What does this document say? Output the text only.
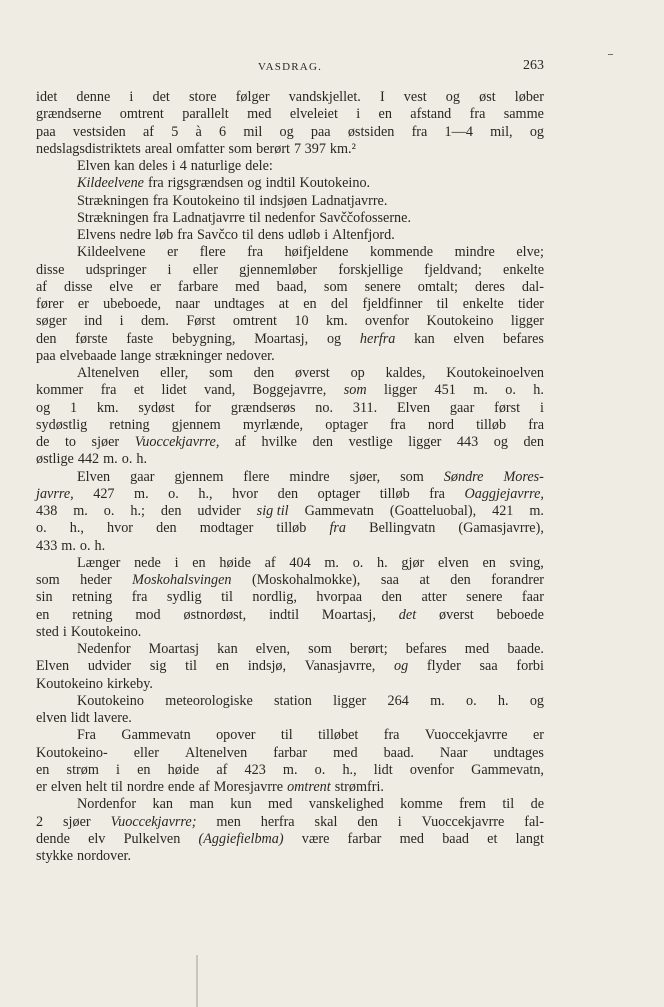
VASDRAG.	263
idet denne i det store følger vandskjellet. I vest og øst løber
grændserne omtrent parallelt med elveleiet i en afstand fra samme
paa vestsiden af 5 à 6 mil og paa østsiden fra 1—4 mil, og
nedslagsdistriktets areal omfatter som berørt 7 397 km.²
Elven kan deles i 4 naturlige dele:
Kildeelvene fra rigsgrændsen og indtil Koutokeino.
Strækningen fra Koutokeino til indsjøen Ladnatjavrre.
Strækningen fra Ladnatjavrre til nedenfor Savččofosserne.
Elvens nedre løb fra Savčco til dens udløb i Altenfjord.
Kildeelvene er flere fra høifjeldene kommende mindre elve;
disse udspringer i eller gjennemløber forskjellige fjeldvand; enkelte
af disse elve er farbare med baad, som senere omtalt; deres dal-
fører er ubeboede, naar undtages at en del fjeldfinner til enkelte tider
søger ind i dem. Først omtrent 10 km. ovenfor Koutokeino ligger
den første faste bebygning, Moartasj, og herfra kan elven befares
paa elvebaade lange strækninger nedover.
Altenelven eller, som den øverst op kaldes, Koutokeinoelven
kommer fra et lidet vand, Boggejavrre, som ligger 451 m. o. h.
og 1 km. sydøst for grændserøs no. 311. Elven gaar først i
sydøstlig retning gjennem myrlænde, optager fra nord tilløb fra
de to sjøer Vuoccekjavrre, af hvilke den vestlige ligger 443 og den
østlige 442 m. o. h.
Elven gaar gjennem flere mindre sjøer, som Søndre Mores-
javrre, 427 m. o. h., hvor den optager tilløb fra Oaggjejavrre,
438 m. o. h.; den udvider sig til Gammevatn (Goatteluobal), 421 m.
o. h., hvor den modtager tilløb fra Bellingvatn (Gamasjavrre),
433 m. o. h.
Længer nede i en høide af 404 m. o. h. gjør elven en sving,
som heder Moskohalsvingen (Moskohalmokke), saa at den forandrer
sin retning fra sydlig til nordlig, hvorpaa den atter senere faar
en retning mod østnordøst, indtil Moartasj, det øverst beboede
sted i Koutokeino.
Nedenfor Moartasj kan elven, som berørt; befares med baade.
Elven udvider sig til en indsjø, Vanasjavrre, og flyder saa forbi
Koutokeino kirkeby.
Koutokeino meteorologiske station ligger 264 m. o. h. og
elven lidt lavere.
Fra Gammevatn opover til tilløbet fra Vuoccekjavrre er
Koutokeino- eller Altenelven farbar med baad. Naar undtages
en strøm i en høide af 423 m. o. h., lidt ovenfor Gammevatn,
er elven helt til nordre ende af Moresjavrre omtrent strømfri.
Nordenfor kan man kun med vanskelighed komme frem til de
2 sjøer Vuoccekjavrre; men herfra skal den i Vuoccekjavrre fal-
dende elv Pulkelven (Aggiefielbma) være farbar med baad et langt
stykke nordover.
